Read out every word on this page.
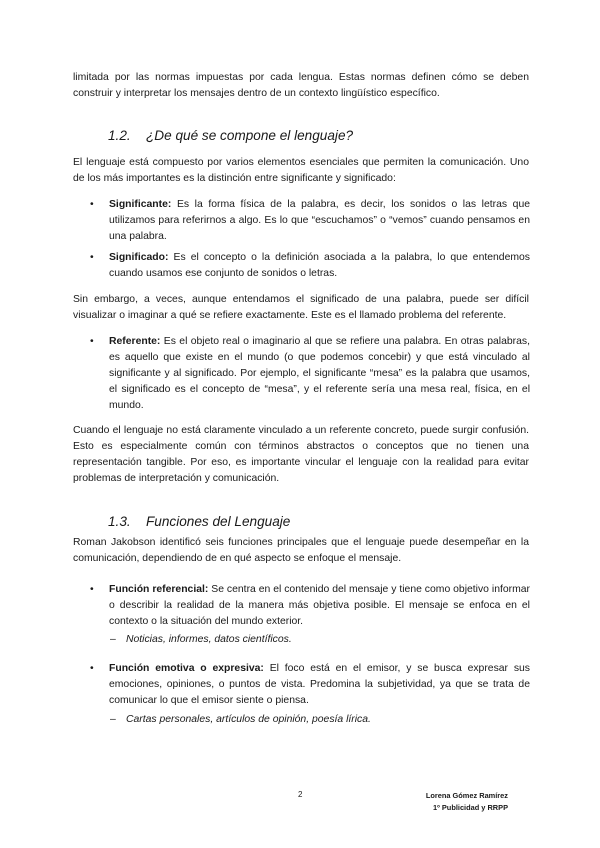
limitada por las normas impuestas por cada lengua. Estas normas definen cómo se deben construir y interpretar los mensajes dentro de un contexto lingüístico específico.

1.2. ¿De qué se compone el lenguaje?

El lenguaje está compuesto por varios elementos esenciales que permiten la comunicación. Uno de los más importantes es la distinción entre significante y significado:

•	Significante: Es la forma física de la palabra, es decir, los sonidos o las letras que utilizamos para referirnos a algo. Es lo que “escuchamos” o “vemos” cuando pensamos en una palabra.
•	Significado: Es el concepto o la definición asociada a la palabra, lo que entendemos cuando usamos ese conjunto de sonidos o letras.

Sin embargo, a veces, aunque entendamos el significado de una palabra, puede ser difícil visualizar o imaginar a qué se refiere exactamente. Este es el llamado problema del referente.

•	Referente: Es el objeto real o imaginario al que se refiere una palabra. En otras palabras, es aquello que existe en el mundo (o que podemos concebir) y que está vinculado al significante y al significado. Por ejemplo, el significante “mesa” es la palabra que usamos, el significado es el concepto de “mesa”, y el referente sería una mesa real, física, en el mundo.

Cuando el lenguaje no está claramente vinculado a un referente concreto, puede surgir confusión. Esto es especialmente común con términos abstractos o conceptos que no tienen una representación tangible. Por eso, es importante vincular el lenguaje con la realidad para evitar problemas de interpretación y comunicación.

1.3. Funciones del Lenguaje

Roman Jakobson identificó seis funciones principales que el lenguaje puede desempeñar en la comunicación, dependiendo de en qué aspecto se enfoque el mensaje.

•	Función referencial: Se centra en el contenido del mensaje y tiene como objetivo informar o describir la realidad de la manera más objetiva posible. El mensaje se enfoca en el contexto o la situación del mundo exterior.
– Noticias, informes, datos científicos.
•	Función emotiva o expresiva: El foco está en el emisor, y se busca expresar sus emociones, opiniones, o puntos de vista. Predomina la subjetividad, ya que se trata de comunicar lo que el emisor siente o piensa.
– Cartas personales, artículos de opinión, poesía lírica.
2	Lorena Gómez Ramírez
1º Publicidad y RRPP
